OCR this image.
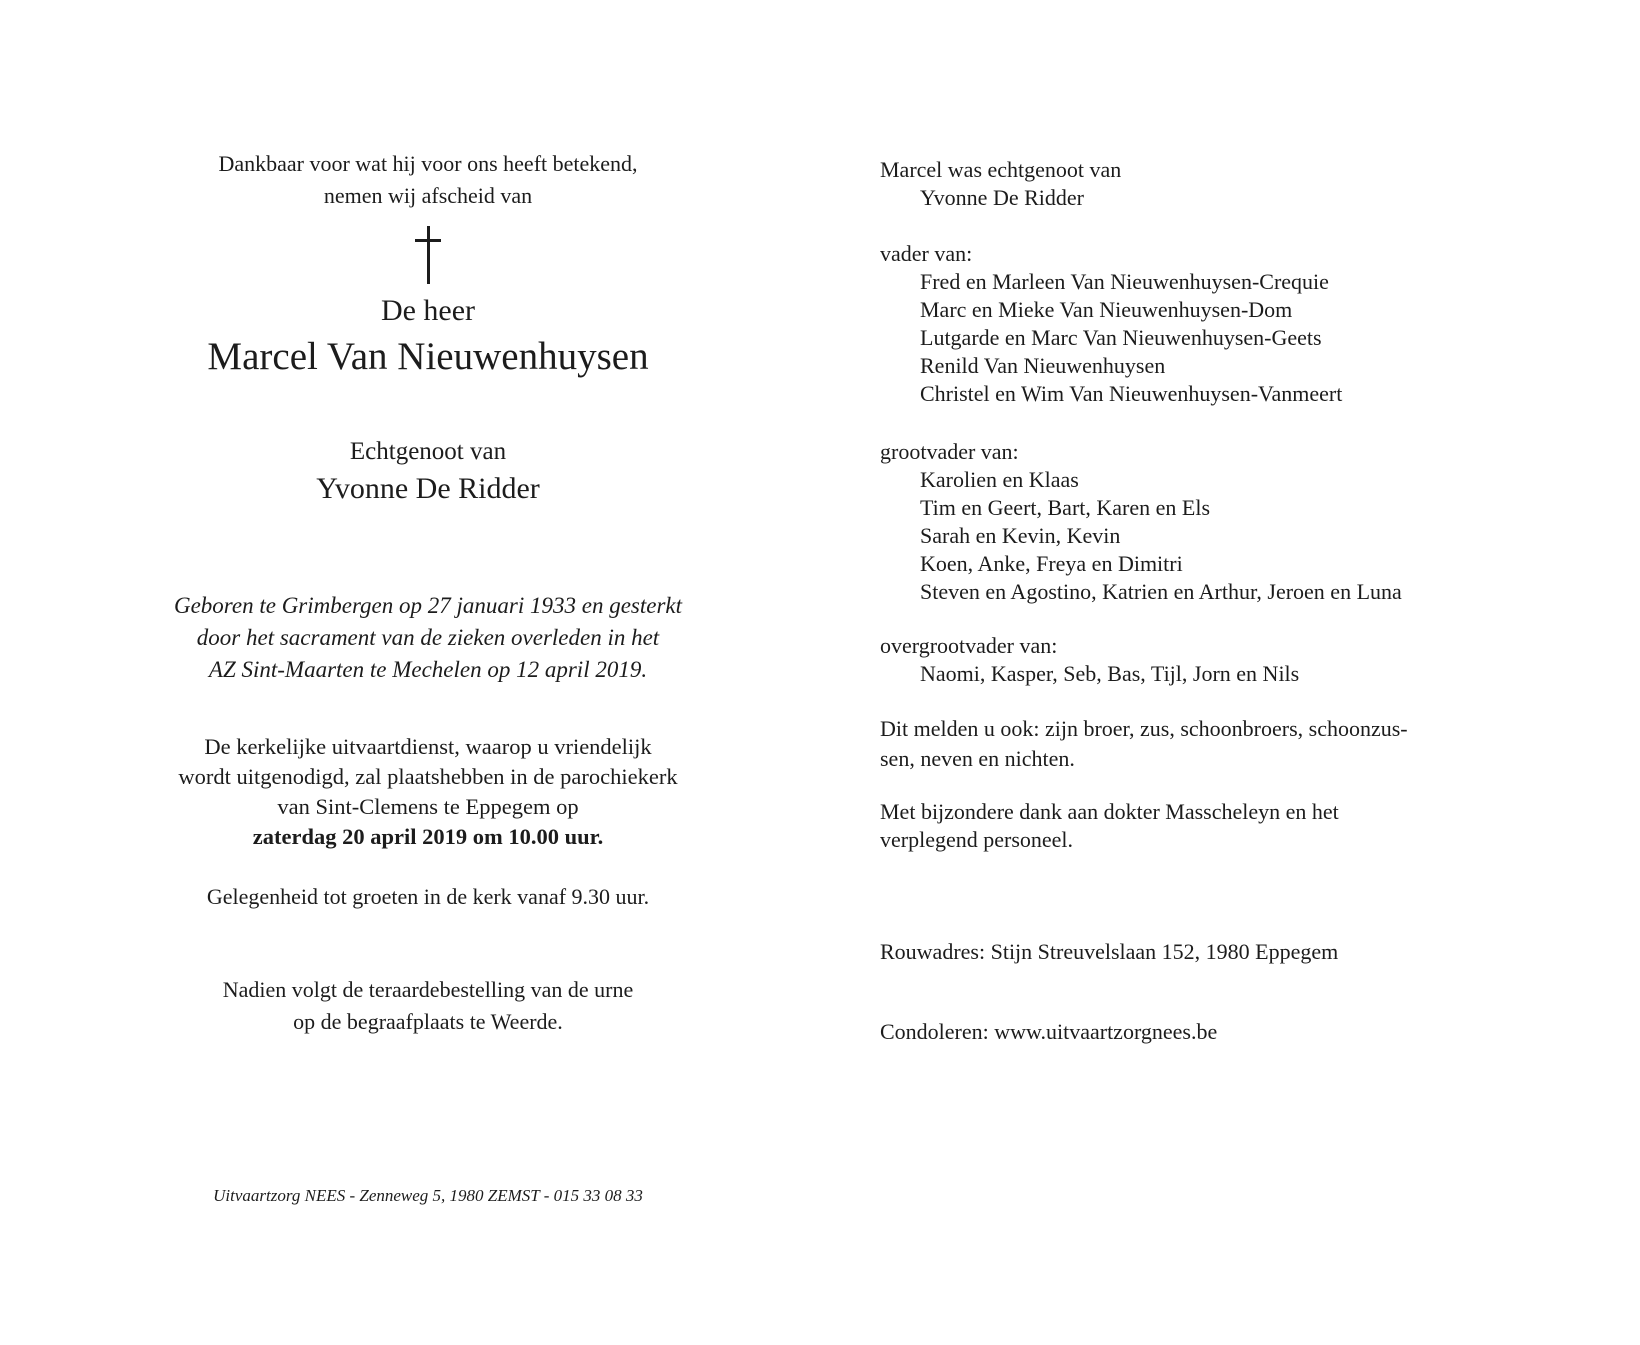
Dankbaar voor wat hij voor ons heeft betekend,
nemen wij afscheid van
De heer
Marcel Van Nieuwenhuysen
Echtgenoot van
Yvonne De Ridder
Geboren te Grimbergen op 27 januari 1933 en gesterkt
door het sacrament van de zieken overleden in het
AZ Sint-Maarten te Mechelen op 12 april 2019.
De kerkelijke uitvaartdienst, waarop u vriendelijk
wordt uitgenodigd, zal plaatshebben in de parochiekerk
van Sint-Clemens te Eppegem op
zaterdag 20 april 2019 om 10.00 uur.
Gelegenheid tot groeten in de kerk vanaf 9.30 uur.
Nadien volgt de teraardebestelling van de urne
op de begraafplaats te Weerde.
Uitvaartzorg NEES - Zenneweg 5, 1980 ZEMST - 015 33 08 33
Marcel was echtgenoot van
Yvonne De Ridder
vader van:
Fred en Marleen Van Nieuwenhuysen-Crequie
Marc en Mieke Van Nieuwenhuysen-Dom
Lutgarde en Marc Van Nieuwenhuysen-Geets
Renild Van Nieuwenhuysen
Christel en Wim Van Nieuwenhuysen-Vanmeert
grootvader van:
Karolien en Klaas
Tim en Geert, Bart, Karen en Els
Sarah en Kevin, Kevin
Koen, Anke, Freya en Dimitri
Steven en Agostino, Katrien en Arthur, Jeroen en Luna
overgrootvader van:
Naomi, Kasper, Seb, Bas, Tijl, Jorn en Nils
Dit melden u ook: zijn broer, zus, schoonbroers, schoonzus-
sen, neven en nichten.
Met bijzondere dank aan dokter Masscheleyn en het
verplegend personeel.
Rouwadres: Stijn Streuvelslaan 152, 1980 Eppegem
Condoleren: www.uitvaartzorgnees.be
